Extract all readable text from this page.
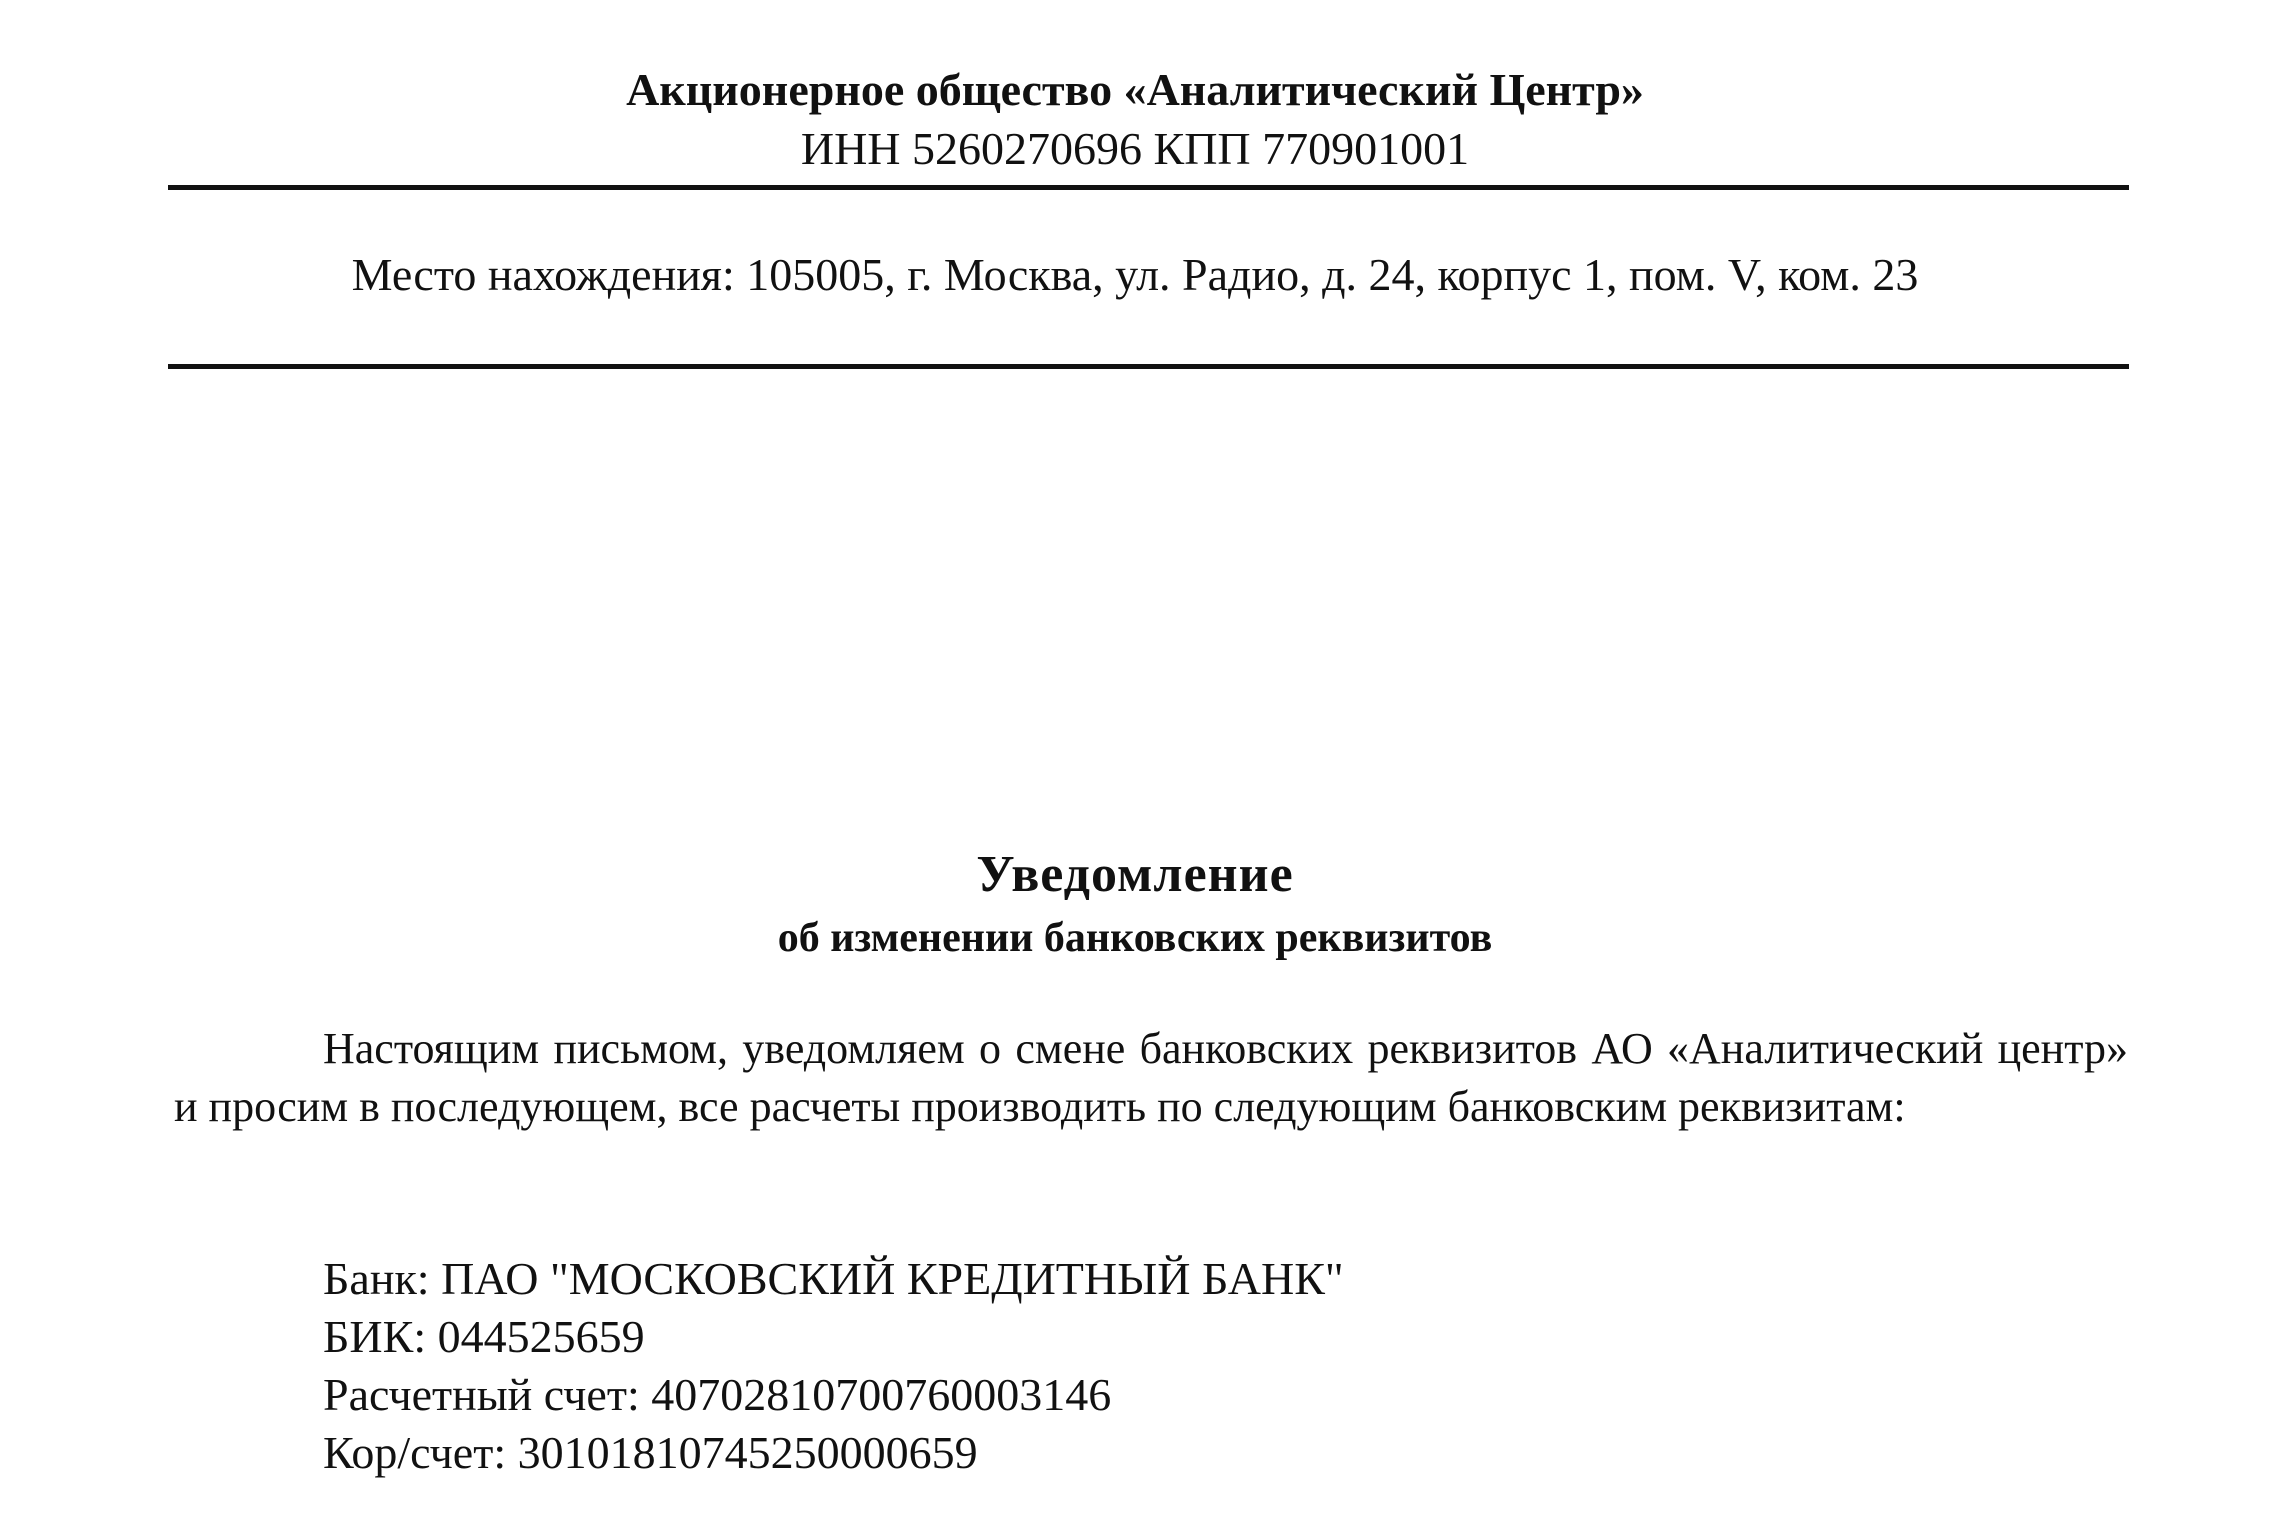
Акционерное общество «Аналитический Центр»
ИНН 5260270696 КПП 770901001
Место нахождения: 105005, г. Москва, ул. Радио, д. 24, корпус 1, пом. V, ком. 23
Уведомление
об изменении банковских реквизитов

Настоящим письмом, уведомляем о смене банковских реквизитов АО «Аналитический центр» и просим в последующем, все расчеты производить по следующим банковским реквизитам:

Банк: ПАО "МОСКОВСКИЙ КРЕДИТНЫЙ БАНК"
БИК: 044525659
Расчетный счет: 40702810700760003146
Кор/счет: 30101810745250000659
